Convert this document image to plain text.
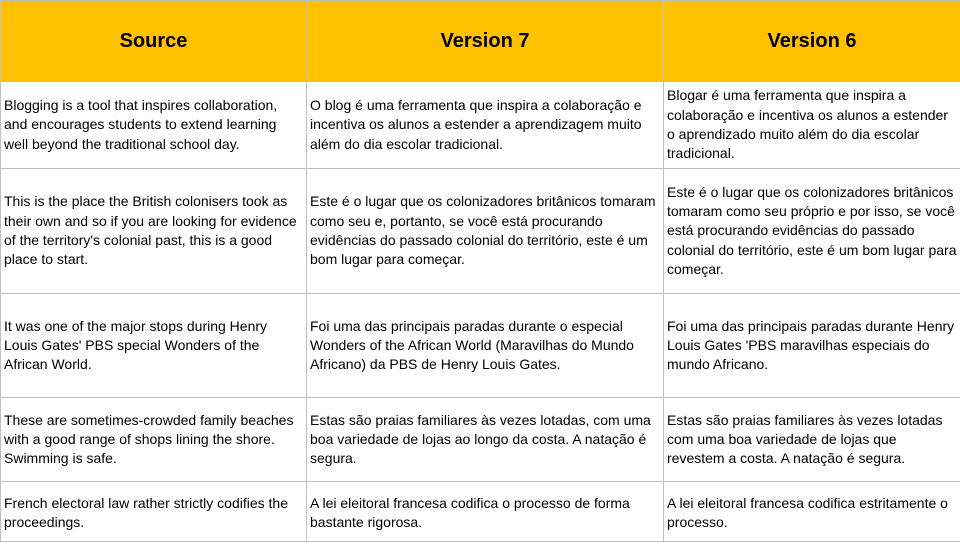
Source	Version 7	Version 6
Blogging is a tool that inspires collaboration, and encourages students to extend learning well beyond the traditional school day.	O blog é uma ferramenta que inspira a colaboração e incentiva os alunos a estender a aprendizagem muito além do dia escolar tradicional.	Blogar é uma ferramenta que inspira a colaboração e incentiva os alunos a estender o aprendizado muito além do dia escolar tradicional.
This is the place the British colonisers took as their own and so if you are looking for evidence of the territory's colonial past, this is a good place to start.	Este é o lugar que os colonizadores britânicos tomaram como seu e, portanto, se você está procurando evidências do passado colonial do território, este é um bom lugar para começar.	Este é o lugar que os colonizadores britânicos tomaram como seu próprio e por isso, se você está procurando evidências do passado colonial do território, este é um bom lugar para começar.
It was one of the major stops during Henry Louis Gates' PBS special Wonders of the African World.	Foi uma das principais paradas durante o especial Wonders of the African World (Maravilhas do Mundo Africano) da PBS de Henry Louis Gates.	Foi uma das principais paradas durante Henry Louis Gates 'PBS maravilhas especiais do mundo Africano.
These are sometimes-crowded family beaches with a good range of shops lining the shore. Swimming is safe.	Estas são praias familiares às vezes lotadas, com uma boa variedade de lojas ao longo da costa. A natação é segura.	Estas são praias familiares às vezes lotadas com uma boa variedade de lojas que revestem a costa. A natação é segura.
French electoral law rather strictly codifies the proceedings.	A lei eleitoral francesa codifica o processo de forma bastante rigorosa.	A lei eleitoral francesa codifica estritamente o processo.
